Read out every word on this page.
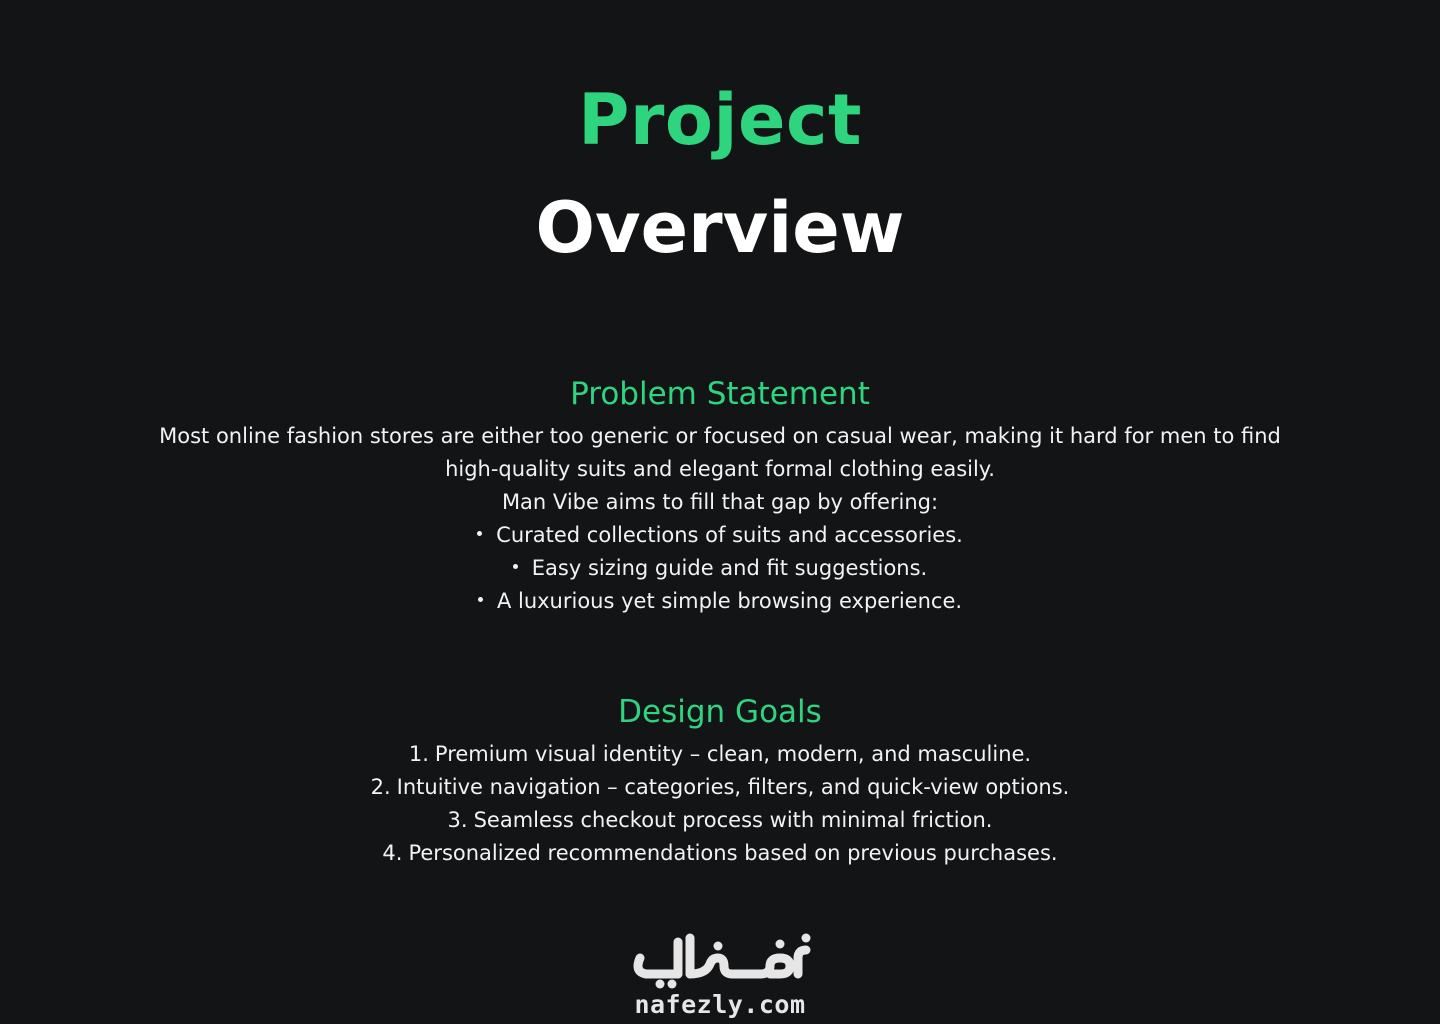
Project
Overview
Problem Statement

Most online fashion stores are either too generic or focused on casual wear, making it hard for men to find

high-quality suits and elegant formal clothing easily.

Man Vibe aims to fill that gap by offering:

Curated collections of suits and accessories.
Easy sizing guide and fit suggestions.
A luxurious yet simple browsing experience.
Design Goals
1. Premium visual identity – clean, modern, and masculine.
2. Intuitive navigation – categories, filters, and quick-view options.
3. Seamless checkout process with minimal friction.
4. Personalized recommendations based on previous purchases.
nafezly.com
